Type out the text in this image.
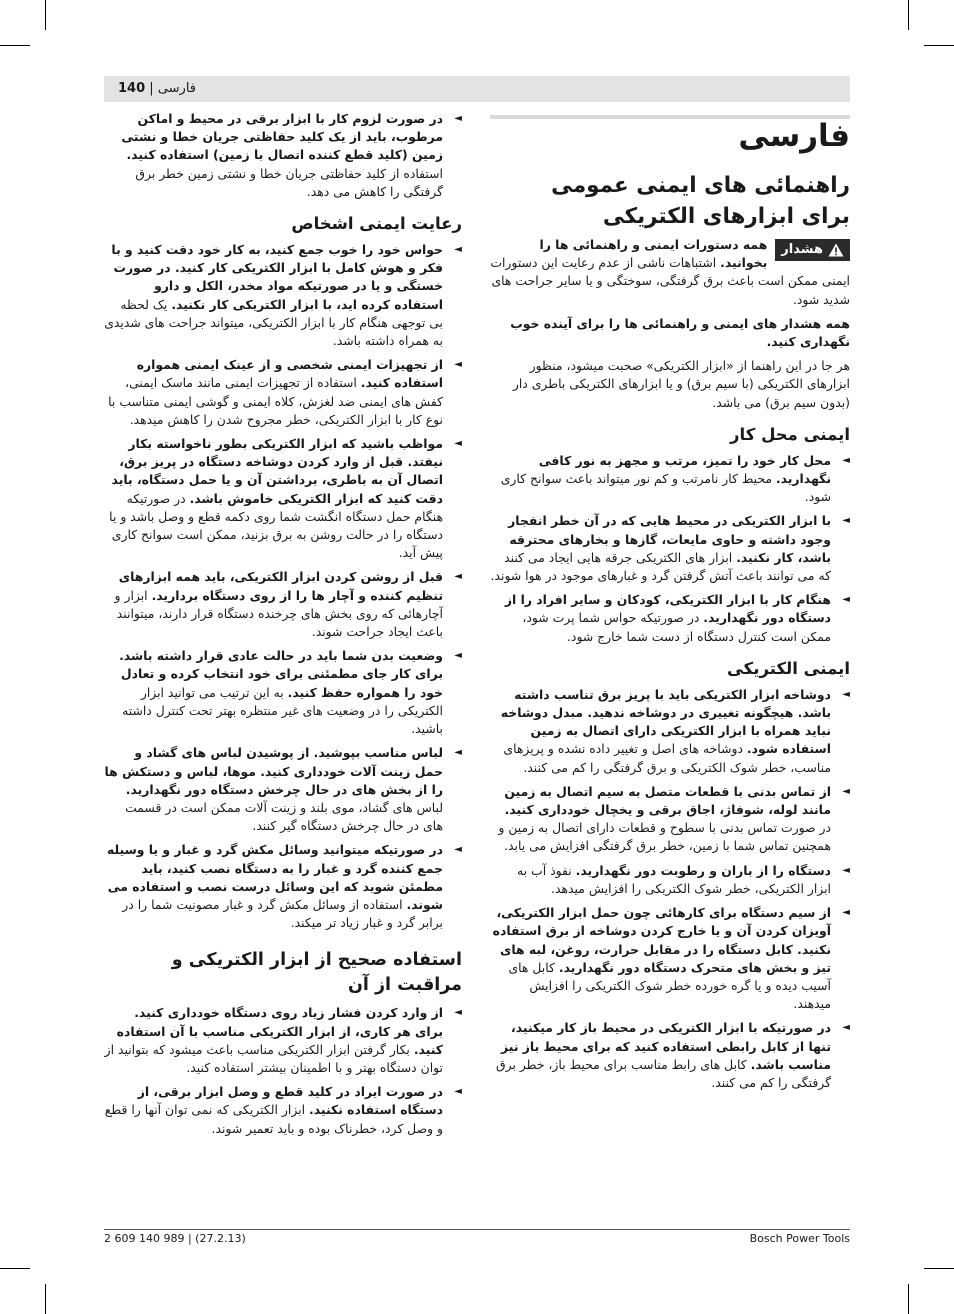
140 | فارسی
فارسی
راهنمائی های ایمنی عمومی
برای ابزارهای الکتریکی
هشدار
همه دستورات ایمنی و راهنمائی ها را بخوانید. اشتباهات ناشی از عدم رعایت این دستورات ایمنی ممکن است باعث برق گرفتگی، سوختگی و یا سایر جراحت های شدید شود.

همه هشدار های ایمنی و راهنمائی ها را برای آینده خوب نگهداری کنید.

هر جا در این راهنما از «ابزار الکتریکی» صحبت میشود، منظور ابزارهای الکتریکی (با سیم برق) و یا ابزارهای الکتریکی باطری دار (بدون سیم برق) می باشد.

ایمنی محل کار
◄
محل کار خود را تمیز، مرتب و مجهز به نور کافی نگهدارید. محیط کار نامرتب و کم نور میتواند باعث سوانح کاری شود.
◄
با ابزار الکتریکی در محیط هایی که در آن خطر انفجار وجود داشته و حاوی مایعات، گازها و بخارهای محترقه باشد، کار نکنید. ابزار های الکتریکی جرقه هایی ایجاد می کنند که می توانند باعث آتش گرفتن گرد و غبارهای موجود در هوا شوند.
◄
هنگام کار با ابزار الکتریکی، کودکان و سایر افراد را از دستگاه دور نگهدارید. در صورتیکه حواس شما پرت شود، ممکن است کنترل دستگاه از دست شما خارج شود.
ایمنی الکتریکی
◄
دوشاخه ابزار الکتریکی باید با پریز برق تناسب داشته باشد. هیچگونه تغییری در دوشاخه ندهید. مبدل دوشاخه نباید همراه با ابزار الکتریکی دارای اتصال به زمین استفاده شود. دوشاخه های اصل و تغییر داده نشده و پریزهای مناسب، خطر شوک الکتریکی و برق گرفتگی را کم می کنند.
◄
از تماس بدنی با قطعات متصل به سیم اتصال به زمین مانند لوله، شوفاژ، اجاق برقی و یخچال خودداری کنید. در صورت تماس بدنی با سطوح و قطعات دارای اتصال به زمین و همچنین تماس شما با زمین، خطر برق گرفتگی افزایش می یابد.
◄
دستگاه را از باران و رطوبت دور نگهدارید. نفوذ آب به ابزار الکتریکی، خطر شوک الکتریکی را افزایش میدهد.
◄
از سیم دستگاه برای کارهائی چون حمل ابزار الکتریکی، آویزان کردن آن و یا خارج کردن دوشاخه از برق استفاده نکنید. کابل دستگاه را در مقابل حرارت، روغن، لبه های تیز و بخش های متحرک دستگاه دور نگهدارید. کابل های آسیب دیده و یا گره خورده خطر شوک الکتریکی را افزایش میدهند.
◄
در صورتیکه با ابزار الکتریکی در محیط باز کار میکنید، تنها از کابل رابطی استفاده کنید که برای محیط باز نیز مناسب باشد. کابل های رابط مناسب برای محیط باز، خطر برق گرفتگی را کم می کنند.
◄
در صورت لزوم کار با ابزار برقی در محیط و اماکن مرطوب، باید از یک کلید حفاظتی جریان خطا و نشتی زمین (کلید قطع کننده اتصال با زمین) استفاده کنید. استفاده از کلید حفاظتی جریان خطا و نشتی زمین خطر برق گرفتگی را کاهش می دهد.
رعایت ایمنی اشخاص
◄
حواس خود را خوب جمع کنید، به کار خود دقت کنید و با فکر و هوش کامل با ابزار الکتریکی کار کنید. در صورت خستگی و یا در صورتیکه مواد مخدر، الکل و دارو استفاده کرده اید، با ابزار الکتریکی کار نکنید. یک لحظه بی توجهی هنگام کار با ابزار الکتریکی، میتواند جراحت های شدیدی به همراه داشته باشد.
◄
از تجهیزات ایمنی شخصی و از عینک ایمنی همواره استفاده کنید. استفاده از تجهیزات ایمنی مانند ماسک ایمنی، کفش های ایمنی ضد لغزش، کلاه ایمنی و گوشی ایمنی متناسب با نوع کار با ابزار الکتریکی، خطر مجروح شدن را کاهش میدهد.
◄
مواظب باشید که ابزار الکتریکی بطور ناخواسته بکار نیفتد. قبل از وارد کردن دوشاخه دستگاه در پریز برق، اتصال آن به باطری، برداشتن آن و یا حمل دستگاه، باید دقت کنید که ابزار الکتریکی خاموش باشد. در صورتیکه هنگام حمل دستگاه انگشت شما روی دکمه قطع و وصل باشد و یا دستگاه را در حالت روشن به برق بزنید، ممکن است سوانح کاری پیش آید.
◄
قبل از روشن کردن ابزار الکتریکی، باید همه ابزارهای تنظیم کننده و آچار ها را از روی دستگاه بردارید. ابزار و آچارهائی که روی بخش های چرخنده دستگاه قرار دارند، میتوانند باعث ایجاد جراحت شوند.
◄
وضعیت بدن شما باید در حالت عادی قرار داشته باشد. برای کار جای مطمئنی برای خود انتخاب کرده و تعادل خود را همواره حفظ کنید. به این ترتیب می توانید ابزار الکتریکی را در وضعیت های غیر منتظره بهتر تحت کنترل داشته باشید.
◄
لباس مناسب بپوشید. از پوشیدن لباس های گشاد و حمل زینت آلات خودداری کنید. موها، لباس و دستکش ها را از بخش های در حال چرخش دستگاه دور نگهدارید. لباس های گشاد، موی بلند و زینت آلات ممکن است در قسمت های در حال چرخش دستگاه گیر کنند.
◄
در صورتیکه میتوانید وسائل مکش گرد و غبار و یا وسیله جمع کننده گرد و غبار را به دستگاه نصب کنید، باید مطمئن شوید که این وسائل درست نصب و استفاده می شوند. استفاده از وسائل مکش گرد و غبار مصونیت شما را در برابر گرد و غبار زیاد تر میکند.
استفاده صحیح از ابزار الکتریکی و مراقبت از آن
◄
از وارد کردن فشار زیاد روی دستگاه خودداری کنید. برای هر کاری، از ابزار الکتریکی مناسب با آن استفاده کنید. بکار گرفتن ابزار الکتریکی مناسب باعث میشود که بتوانید از توان دستگاه بهتر و با اطمینان بیشتر استفاده کنید.
◄
در صورت ایراد در کلید قطع و وصل ابزار برقی، از دستگاه استفاده نکنید. ابزار الکتریکی که نمی توان آنها را قطع و وصل کرد، خطرناک بوده و باید تعمیر شوند.
2 609 140 989 | (27.2.13)	Bosch Power Tools
